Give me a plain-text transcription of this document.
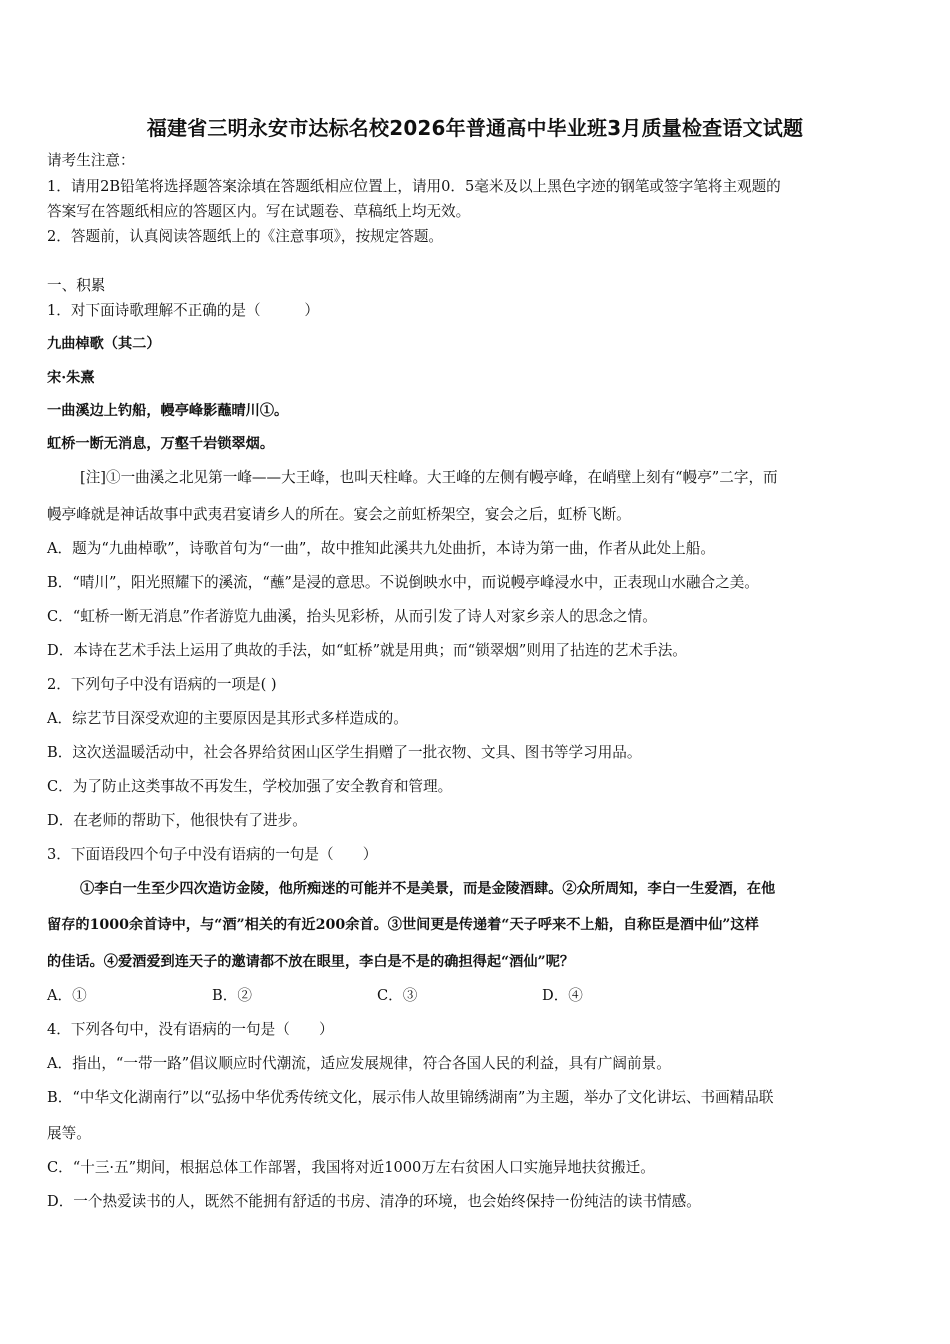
福建省三明永安市达标名校2026年普通高中毕业班3月质量检查语文试题
请考生注意：
1．请用2B铅笔将选择题答案涂填在答题纸相应位置上，请用0．5毫米及以上黑色字迹的钢笔或签字笔将主观题的
答案写在答题纸相应的答题区内。写在试题卷、草稿纸上均无效。
2．答题前，认真阅读答题纸上的《注意事项》，按规定答题。
一、积累
1．对下面诗歌理解不正确的是（　　　）
九曲棹歌（其二）
宋·朱熹
一曲溪边上钓船，幔亭峰影蘸晴川①。
虹桥一断无消息，万壑千岩锁翠烟。
[注]①一曲溪之北见第一峰——大王峰，也叫天柱峰。大王峰的左侧有幔亭峰，在峭壁上刻有“幔亭”二字，而
幔亭峰就是神话故事中武夷君宴请乡人的所在。宴会之前虹桥架空，宴会之后，虹桥飞断。
A．题为“九曲棹歌”，诗歌首句为“一曲”，故中推知此溪共九处曲折，本诗为第一曲，作者从此处上船。
B．“晴川”，阳光照耀下的溪流，“蘸”是浸的意思。不说倒映水中，而说幔亭峰浸水中，正表现山水融合之美。
C．“虹桥一断无消息”作者游览九曲溪，抬头见彩桥，从而引发了诗人对家乡亲人的思念之情。
D．本诗在艺术手法上运用了典故的手法，如“虹桥”就是用典；而“锁翠烟”则用了拈连的艺术手法。
2．下列句子中没有语病的一项是( )
A．综艺节目深受欢迎的主要原因是其形式多样造成的。
B．这次送温暖活动中，社会各界给贫困山区学生捐赠了一批衣物、文具、图书等学习用品。
C．为了防止这类事故不再发生，学校加强了安全教育和管理。
D．在老师的帮助下，他很快有了进步。
3．下面语段四个句子中没有语病的一句是（　　）
①李白一生至少四次造访金陵，他所痴迷的可能并不是美景，而是金陵酒肆。②众所周知，李白一生爱酒，在他
留存的1000余首诗中，与“酒”相关的有近200余首。③世间更是传递着“天子呼来不上船，自称臣是酒中仙”这样
的佳话。④爱酒爱到连天子的邀请都不放在眼里，李白是不是的确担得起“酒仙”呢？
A．①	B．②	C．③	D．④
4．下列各句中，没有语病的一句是（　　）
A．指出，“一带一路”倡议顺应时代潮流，适应发展规律，符合各国人民的利益，具有广阔前景。
B．“中华文化湖南行”以“弘扬中华优秀传统文化，展示伟人故里锦绣湖南”为主题，举办了文化讲坛、书画精品联
展等。
C．“十三·五”期间，根据总体工作部署，我国将对近1000万左右贫困人口实施异地扶贫搬迁。
D．一个热爱读书的人，既然不能拥有舒适的书房、清净的环境，也会始终保持一份纯洁的读书情感。
